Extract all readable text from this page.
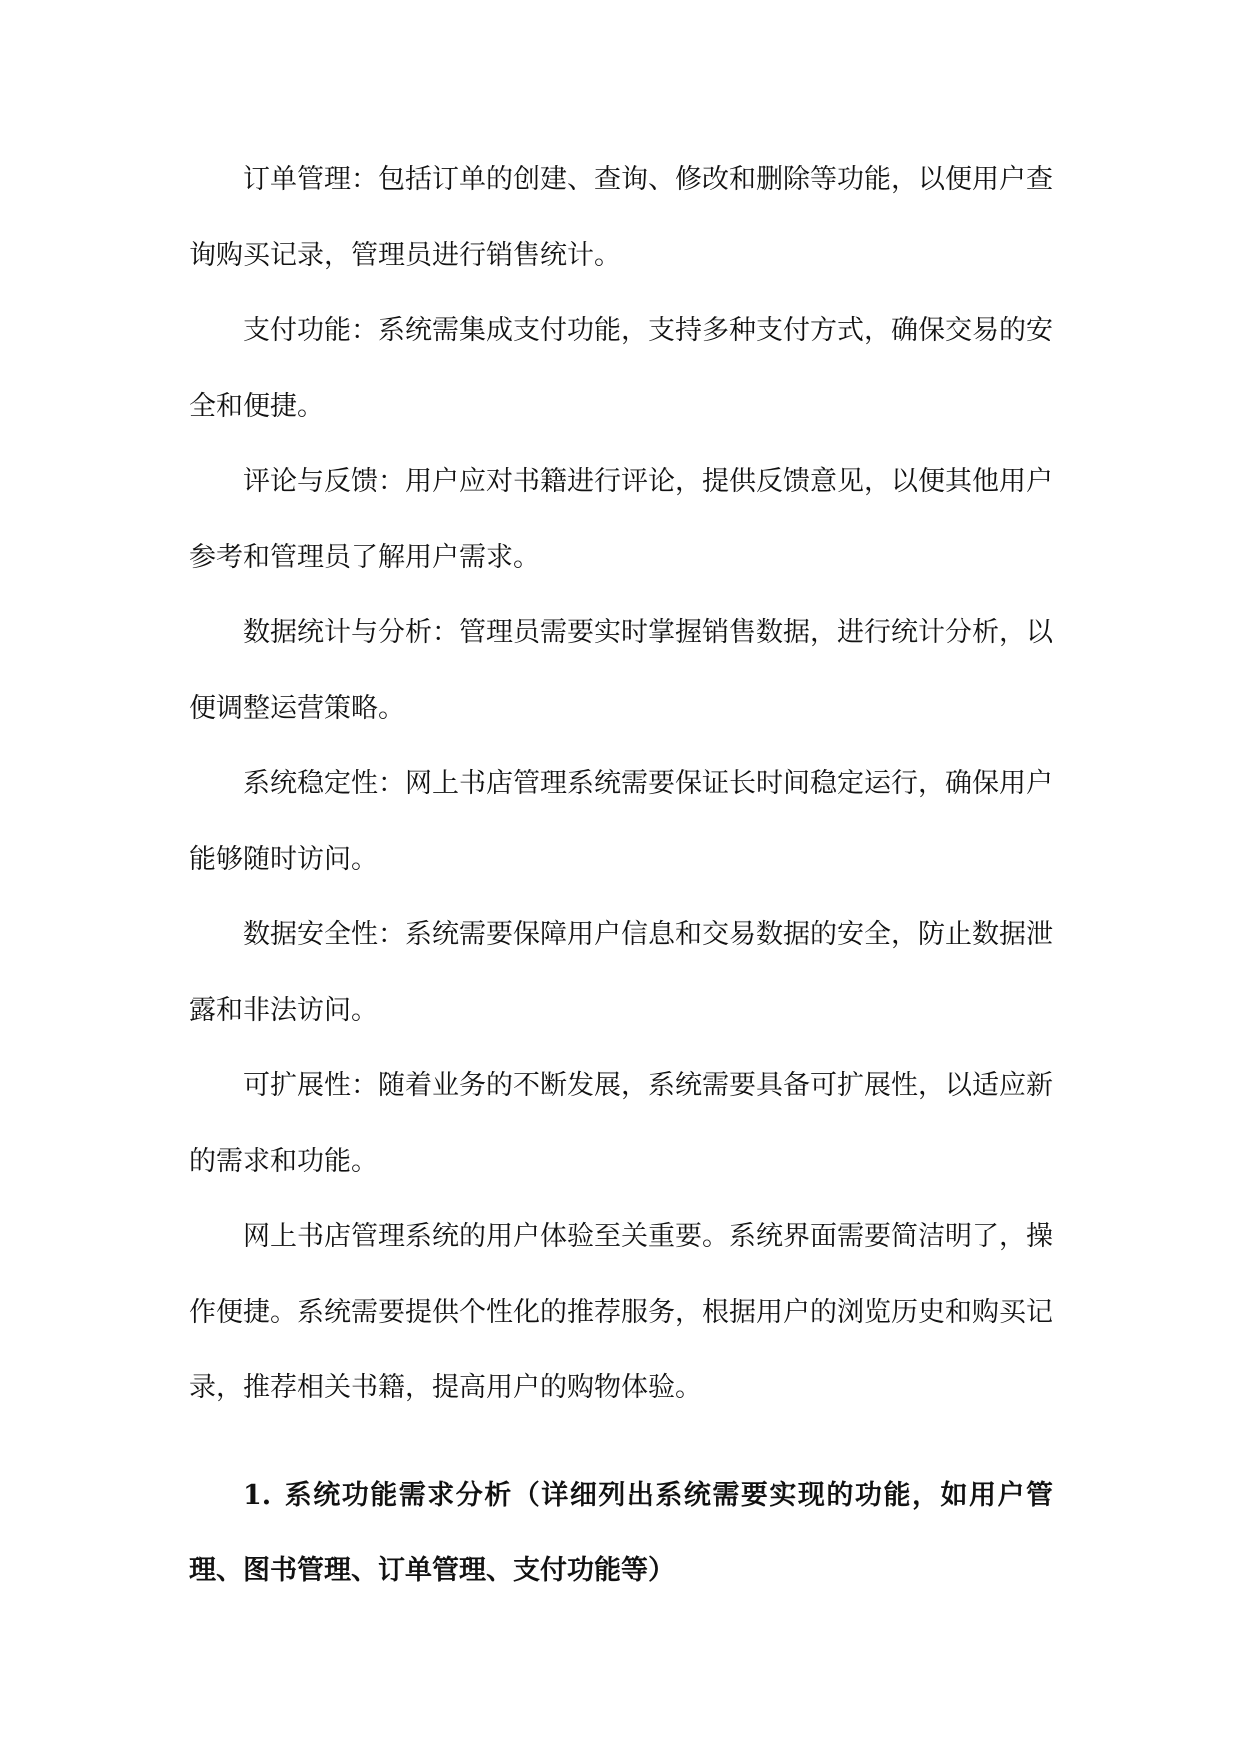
订单管理：包括订单的创建、查询、修改和删除等功能，以便用户查询购买记录，管理员进行销售统计。

支付功能：系统需集成支付功能，支持多种支付方式，确保交易的安全和便捷。

评论与反馈：用户应对书籍进行评论，提供反馈意见，以便其他用户参考和管理员了解用户需求。

数据统计与分析：管理员需要实时掌握销售数据，进行统计分析，以便调整运营策略。

系统稳定性：网上书店管理系统需要保证长时间稳定运行，确保用户能够随时访问。

数据安全性：系统需要保障用户信息和交易数据的安全，防止数据泄露和非法访问。

可扩展性：随着业务的不断发展，系统需要具备可扩展性，以适应新的需求和功能。

网上书店管理系统的用户体验至关重要。系统界面需要简洁明了，操作便捷。系统需要提供个性化的推荐服务，根据用户的浏览历史和购买记录，推荐相关书籍，提高用户的购物体验。

1. 系统功能需求分析（详细列出系统需要实现的功能，如用户管理、图书管理、订单管理、支付功能等）
